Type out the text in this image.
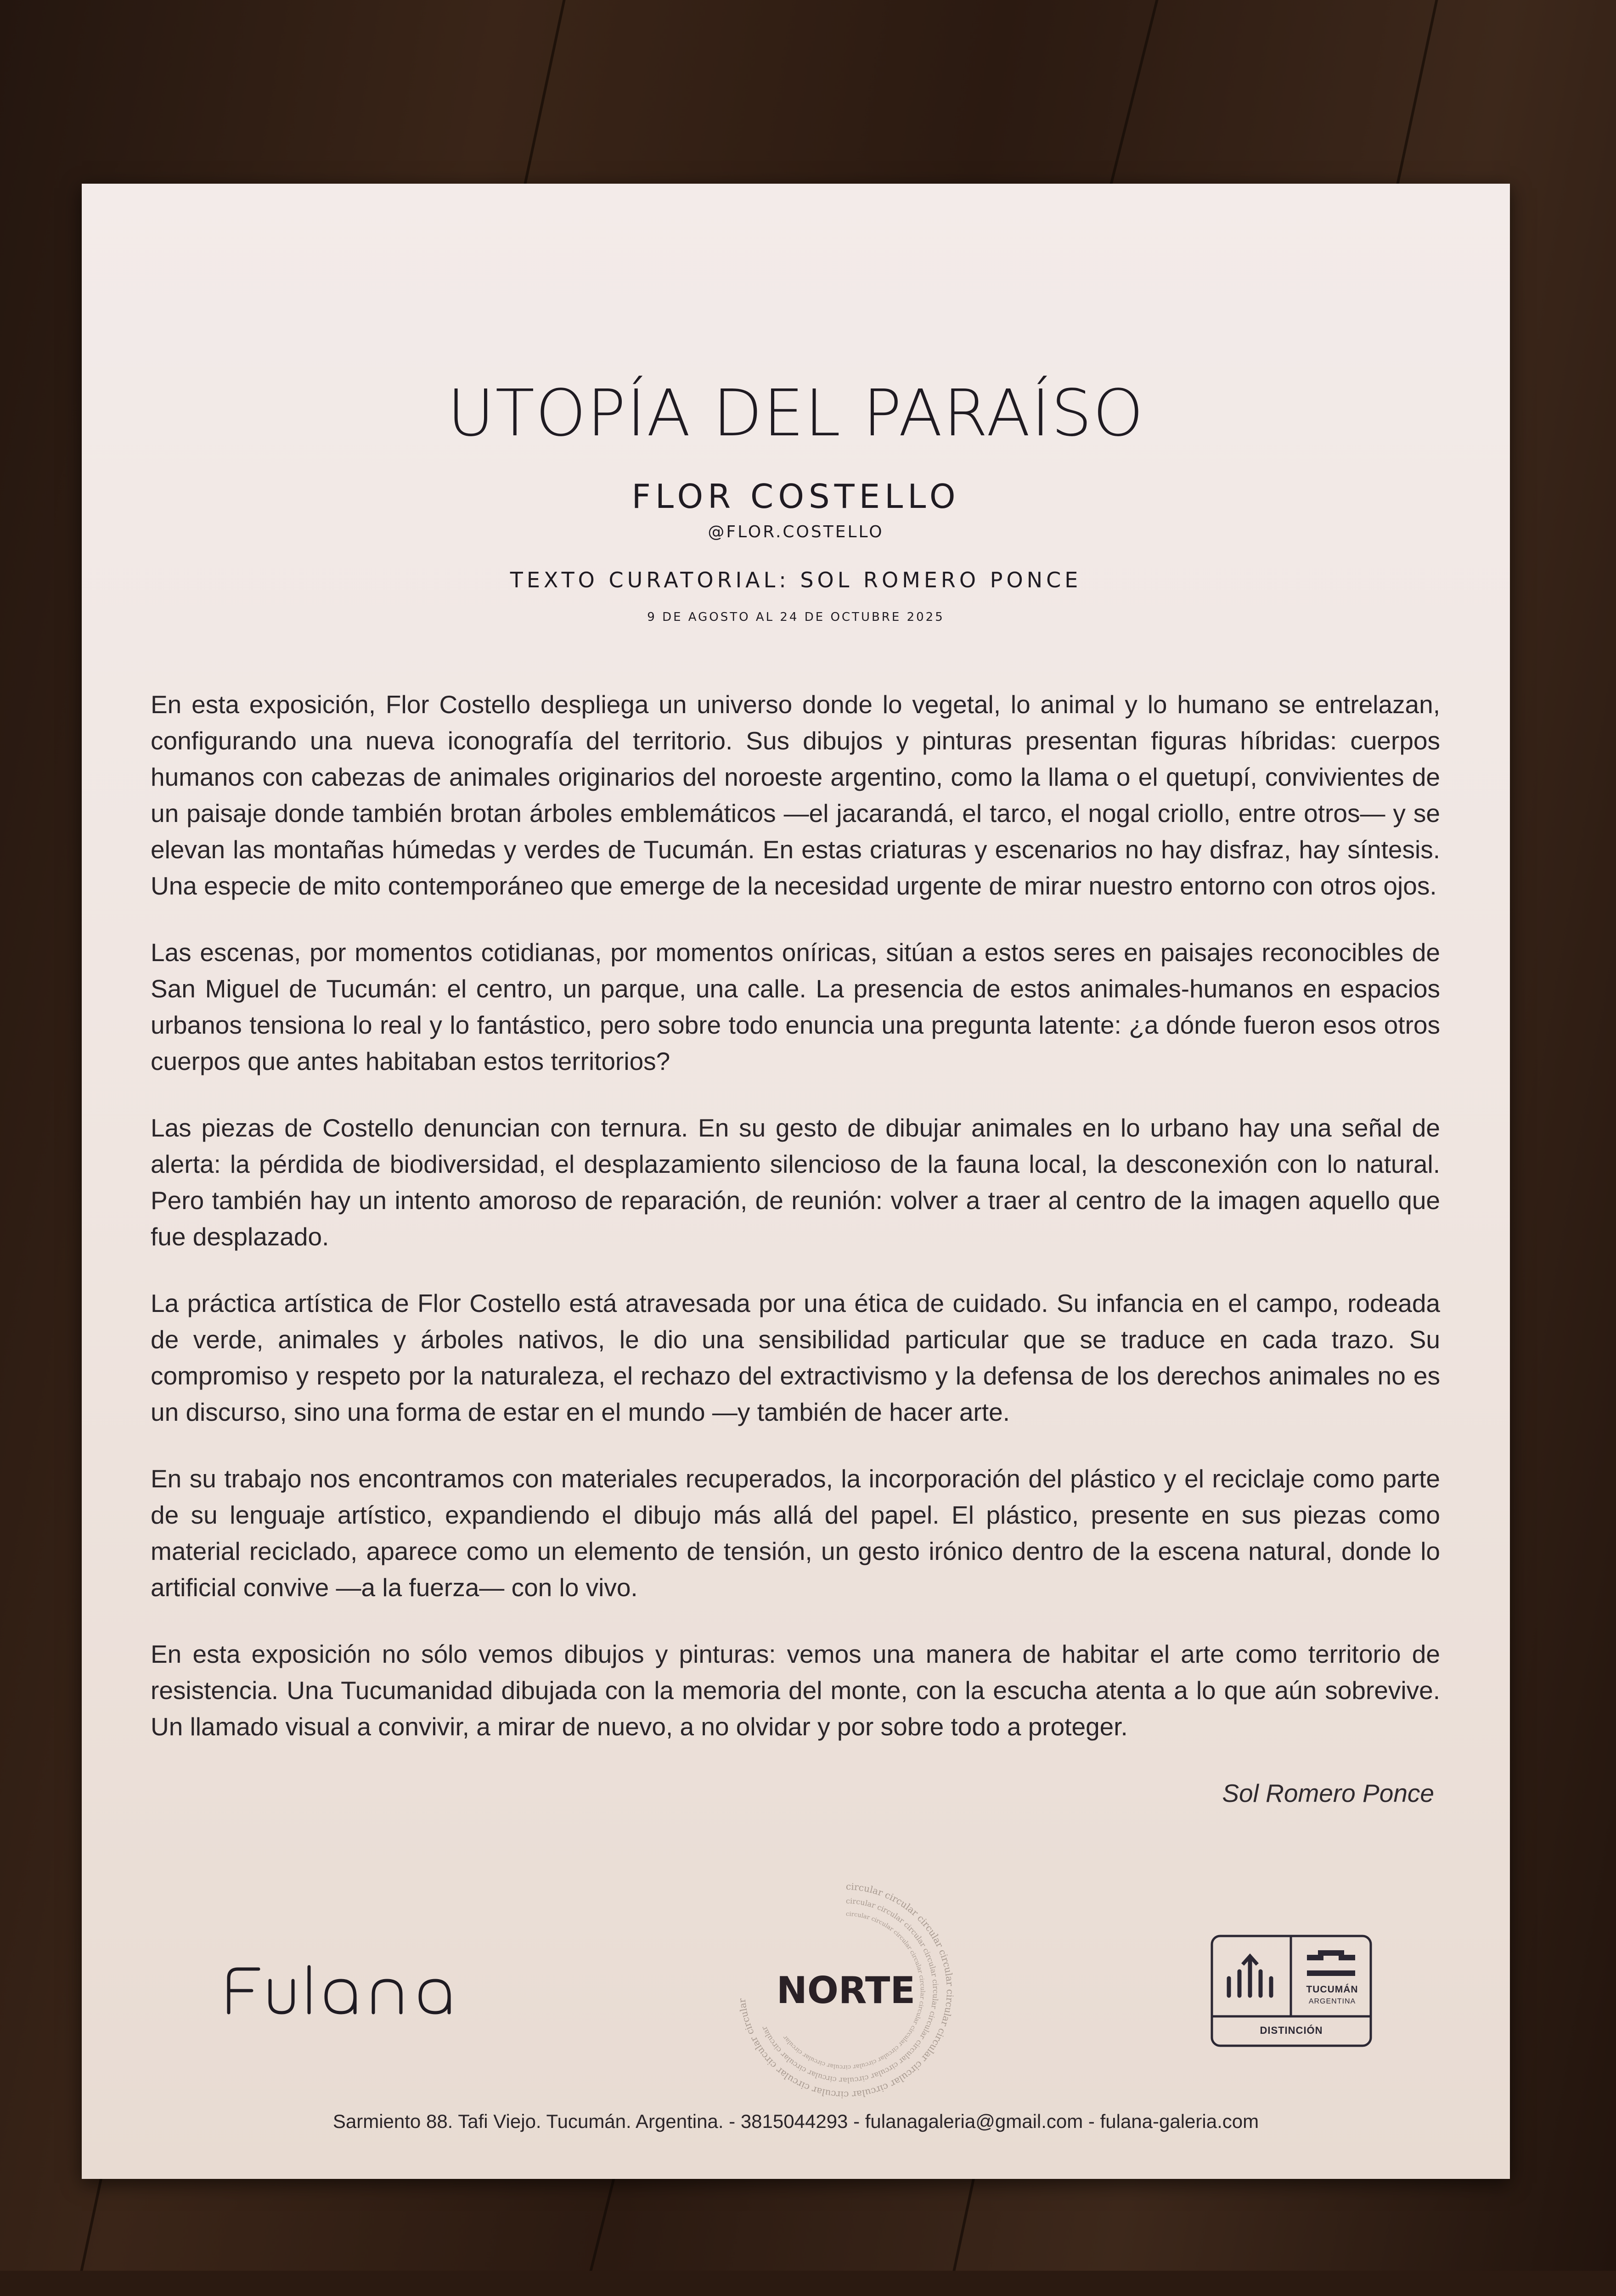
UTOPÍA DEL PARAÍSO
FLOR COSTELLO
@FLOR.COSTELLO
TEXTO CURATORIAL: SOL ROMERO PONCE
9 DE AGOSTO AL 24 DE OCTUBRE 2025

En esta exposición, Flor Costello despliega un universo donde lo vegetal, lo animal y lo humano se entrelazan, configurando una nueva iconografía del territorio. Sus dibujos y pinturas presentan figuras híbridas: cuerpos humanos con cabezas de animales originarios del noroeste argentino, como la llama o el quetupí, convivientes de un paisaje donde también brotan árboles emblemáticos —el jacarandá, el tarco, el nogal criollo, entre otros— y se elevan las montañas húmedas y verdes de Tucumán. En estas criaturas y escenarios no hay disfraz, hay síntesis. Una especie de mito contemporáneo que emerge de la necesidad urgente de mirar nuestro entorno con otros ojos.

Las escenas, por momentos cotidianas, por momentos oníricas, sitúan a estos seres en paisajes reconocibles de San Miguel de Tucumán: el centro, un parque, una calle. La presencia de estos animales-humanos en espacios urbanos tensiona lo real y lo fantástico, pero sobre todo enuncia una pregunta latente: ¿a dónde fueron esos otros cuerpos que antes habitaban estos territorios?

Las piezas de Costello denuncian con ternura. En su gesto de dibujar animales en lo urbano hay una señal de alerta: la pérdida de biodiversidad, el desplazamiento silencioso de la fauna local, la desconexión con lo natural. Pero también hay un intento amoroso de reparación, de reunión: volver a traer al centro de la imagen aquello que fue desplazado.

La práctica artística de Flor Costello está atravesada por una ética de cuidado. Su infancia en el campo, rodeada de verde, animales y árboles nativos, le dio una sensibilidad particular que se traduce en cada trazo. Su compromiso y respeto por la naturaleza, el rechazo del extractivismo y la defensa de los derechos animales no es un discurso, sino una forma de estar en el mundo —y también de hacer arte.

En su trabajo nos encontramos con materiales recuperados, la incorporación del plástico y el reciclaje como parte de su lenguaje artístico, expandiendo el dibujo más allá del papel. El plástico, presente en sus piezas como material reciclado, aparece como un elemento de tensión, un gesto irónico dentro de la escena natural, donde lo artificial convive —a la fuerza— con lo vivo.

En esta exposición no sólo vemos dibujos y pinturas: vemos una manera de habitar el arte como territorio de resistencia. Una Tucumanidad dibujada con la memoria del monte, con la escucha atenta a lo que aún sobrevive. Un llamado visual a convivir, a mirar de nuevo, a no olvidar y por sobre todo a proteger.

Sol Romero Ponce
circular circular circular circul ular circular circular circular circular circular circular circula
circular circular circular circular circular circular circular circular circular circular circular circular
circular circular circular circular circular circular circular circular circular circular circular circular
NORTE	TUCUMÁN
ARGENTINA
DISTINCIÓN
Sarmiento 88. Tafi Viejo. Tucumán. Argentina. - 3815044293 - fulanagaleria@gmail.com - fulana-galeria.com
